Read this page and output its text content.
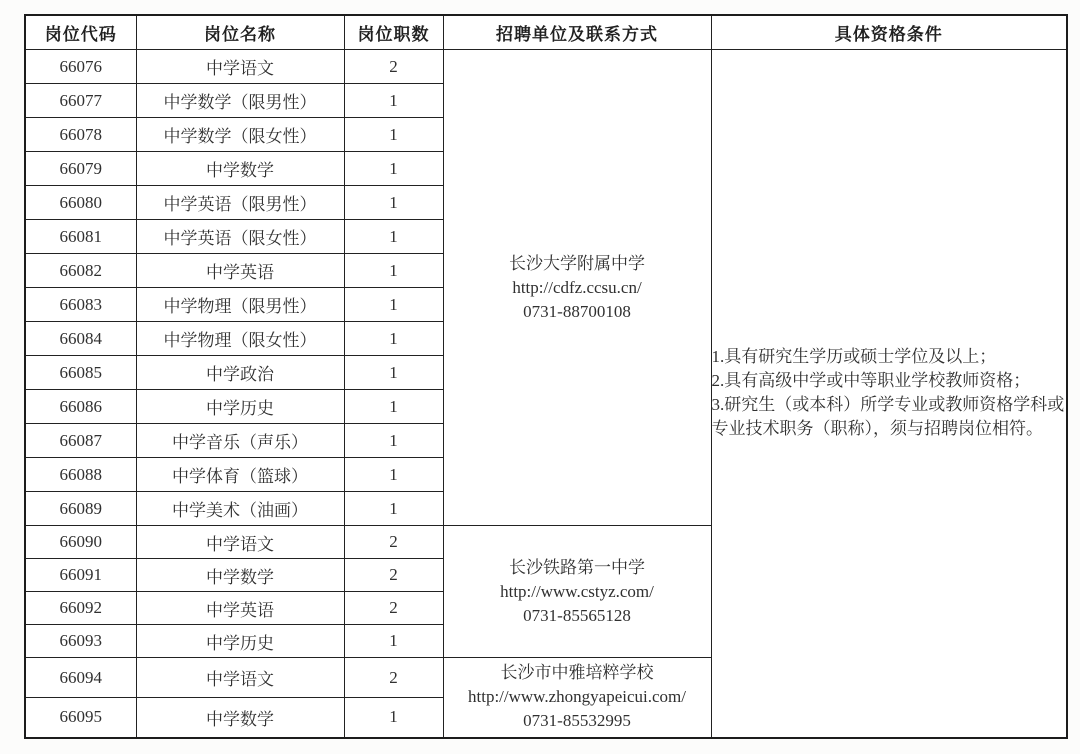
岗位代码	岗位名称	岗位职数	招聘单位及联系方式	具体资格条件
66076	中学语文	2	
长沙大学附属中学
http://cdfz.ccsu.cn/
0731-88700108

1.具有研究生学历或硕士学位及以上；
2.具有高级中学或中等职业学校教师资格；
3.研究生（或本科）所学专业或教师资格学科或专业技术职务（职称），须与招聘岗位相符。

66077	中学数学（限男性）	1		
66078	中学数学（限女性）	1		
66079	中学数学	1		
66080	中学英语（限男性）	1		
66081	中学英语（限女性）	1		
66082	中学英语	1		
66083	中学物理（限男性）	1		
66084	中学物理（限女性）	1		
66085	中学政治	1		
66086	中学历史	1		
66087	中学音乐（声乐）	1		
66088	中学体育（篮球）	1		
66089	中学美术（油画）	1		
66090	中学语文	2	长沙铁路第一中学
http://www.cstyz.com/
0731-85565128	

66091	中学数学	2		
66092	中学英语	2		
66093	中学历史	1		
66094	中学语文	2	长沙市中雅培粹学校
http://www.zhongyapeicui.com/
0731-85532995	

66095	中学数学	1		
